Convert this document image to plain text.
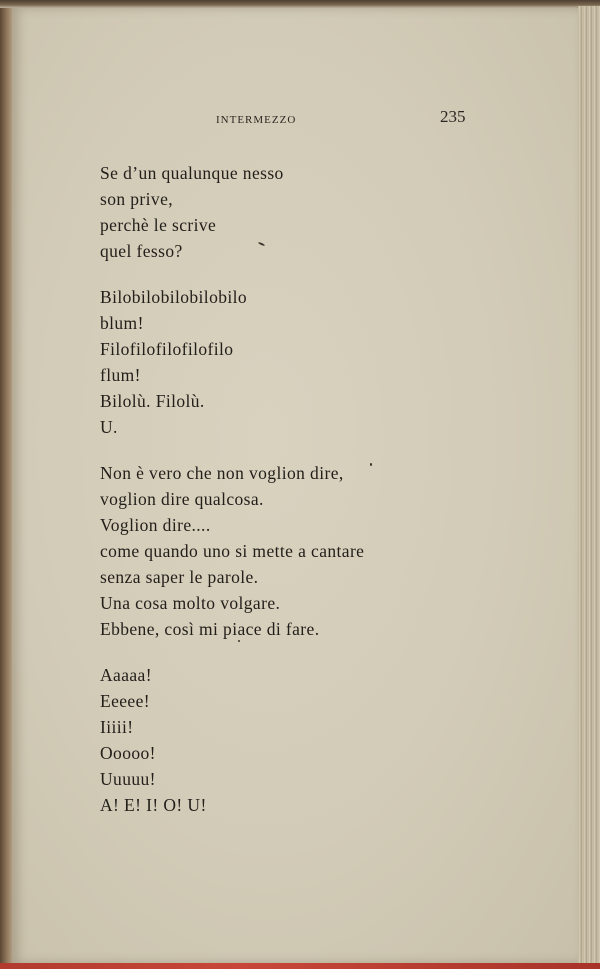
INTERMEZZO	235
Se d’un qualunque nesso
son prive,
perchè le scrive
quel fesso?
Bilobilobilobilobilo
blum!
Filofilofilofilofilo
flum!
Bilolù. Filolù.
U.
Non è vero che non voglion dire,
voglion dire qualcosa.
Voglion dire....
come quando uno si mette a cantare
senza saper le parole.
Una cosa molto volgare.
Ebbene, così mi piace di fare.
Aaaaa!
Eeeee!
Iiiii!
Ooooo!
Uuuuu!
A! E! I! O! U!
